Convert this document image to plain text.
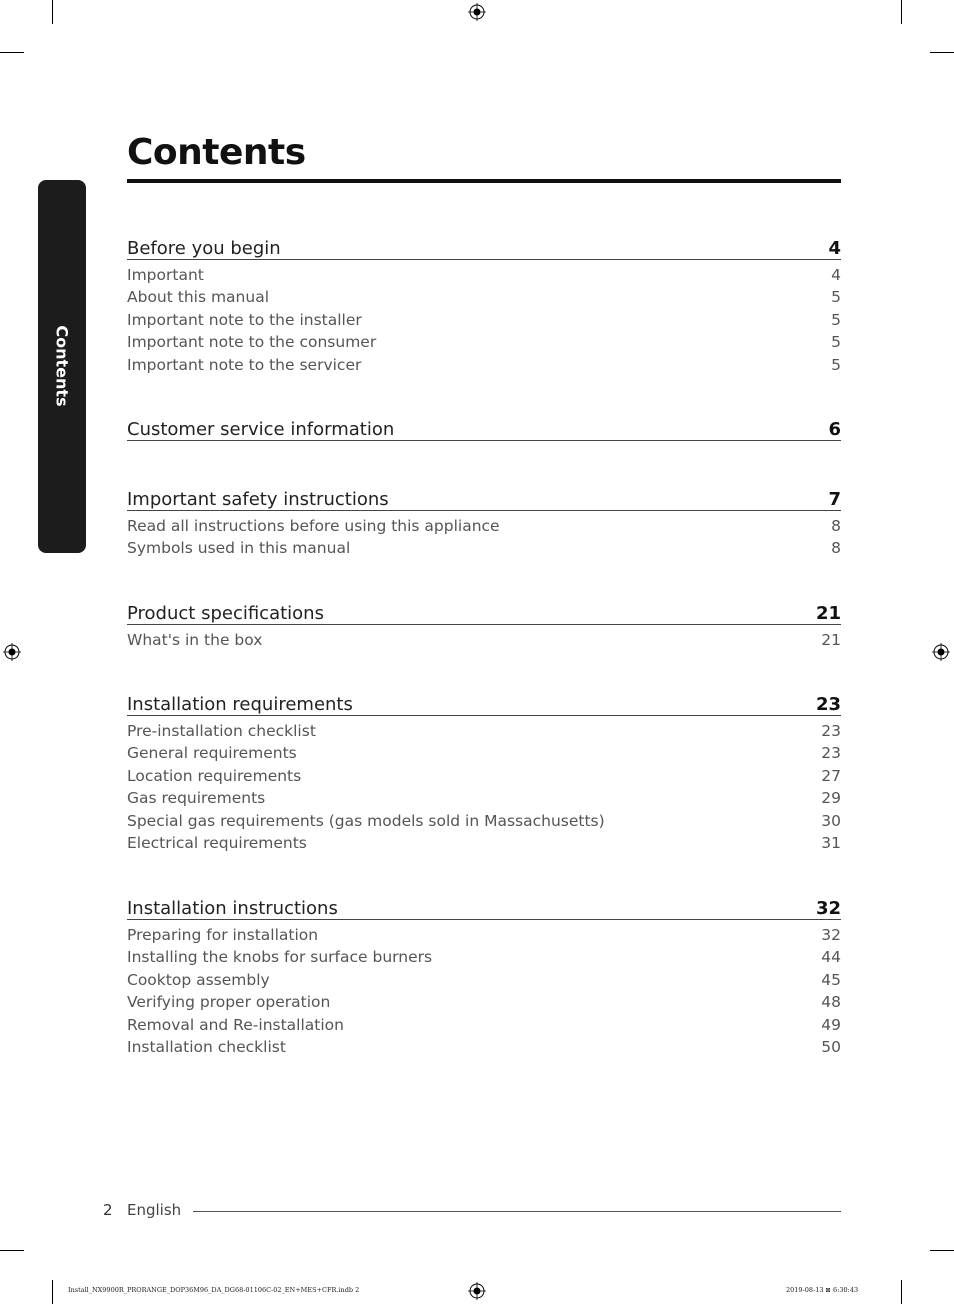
Contents
Contents
Before you begin	4
Important	4
About this manual	5
Important note to the installer	5
Important note to the consumer	5
Important note to the servicer	5
Customer service information	6
Important safety instructions	7
Read all instructions before using this appliance	8
Symbols used in this manual	8
Product specifications	21
What's in the box	21
Installation requirements	23
Pre-installation checklist	23
General requirements	23
Location requirements	27
Gas requirements	29
Special gas requirements (gas models sold in Massachusetts)	30
Electrical requirements	31
Installation instructions	32
Preparing for installation	32
Installing the knobs for surface burners	44
Cooktop assembly	45
Verifying proper operation	48
Removal and Re-installation	49
Installation checklist	50
2 English
Install_NX9900R_PRORANGE_DOP36M96_DA_DG68-01106C-02_EN+MES+CFR.indb 2	2019-08-13 ⊠ 6:30:43
